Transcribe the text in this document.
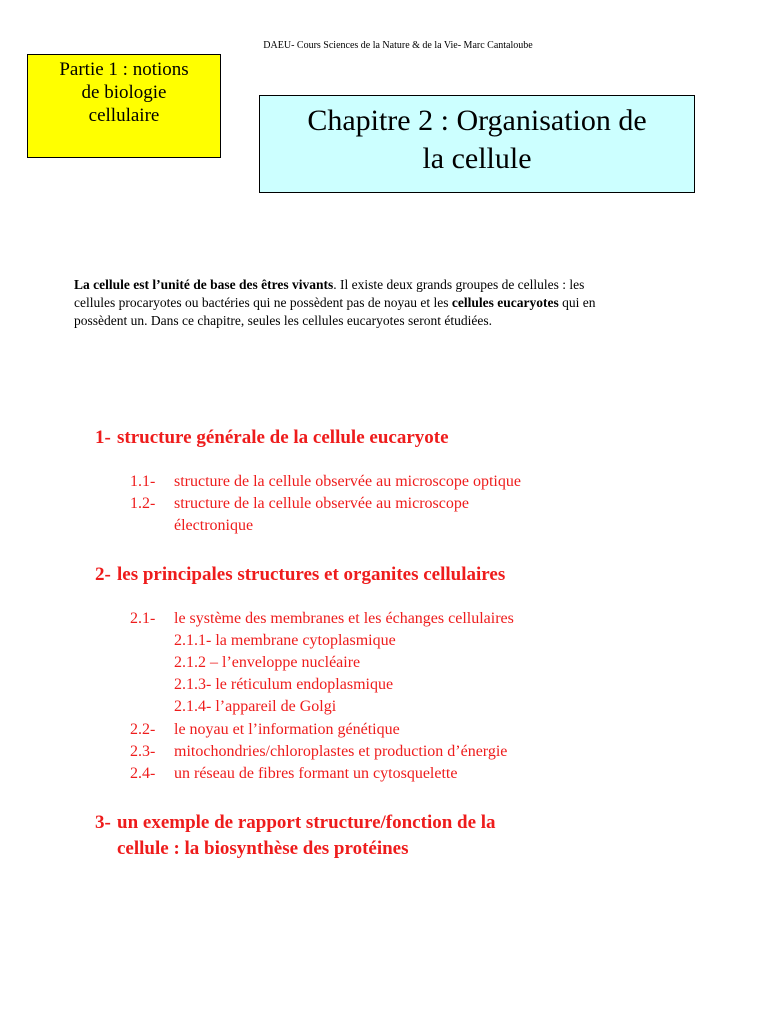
DAEU- Cours Sciences de la Nature & de la Vie- Marc Cantaloube
Partie 1 : notions
de biologie
cellulaire	Chapitre 2 : Organisation de
la cellule
La cellule est l’unité de base des êtres vivants. Il existe deux grands groupes de cellules : les
cellules procaryotes ou bactéries qui ne possèdent pas de noyau et les cellules eucaryotes qui en
possèdent un. Dans ce chapitre, seules les cellules eucaryotes seront étudiées.
1- structure générale de la cellule eucaryote
1.1- structure de la cellule observée au microscope optique
1.2- structure de la cellule observée au microscope
électronique
2- les principales structures et organites cellulaires
2.1- le système des membranes et les échanges cellulaires
2.1.1- la membrane cytoplasmique
2.1.2 – l’enveloppe nucléaire
2.1.3- le réticulum endoplasmique
2.1.4- l’appareil de Golgi
2.2- le noyau et l’information génétique
2.3- mitochondries/chloroplastes et production d’énergie
2.4- un réseau de fibres formant un cytosquelette
3- un exemple de rapport structure/fonction de la
cellule : la biosynthèse des protéines
